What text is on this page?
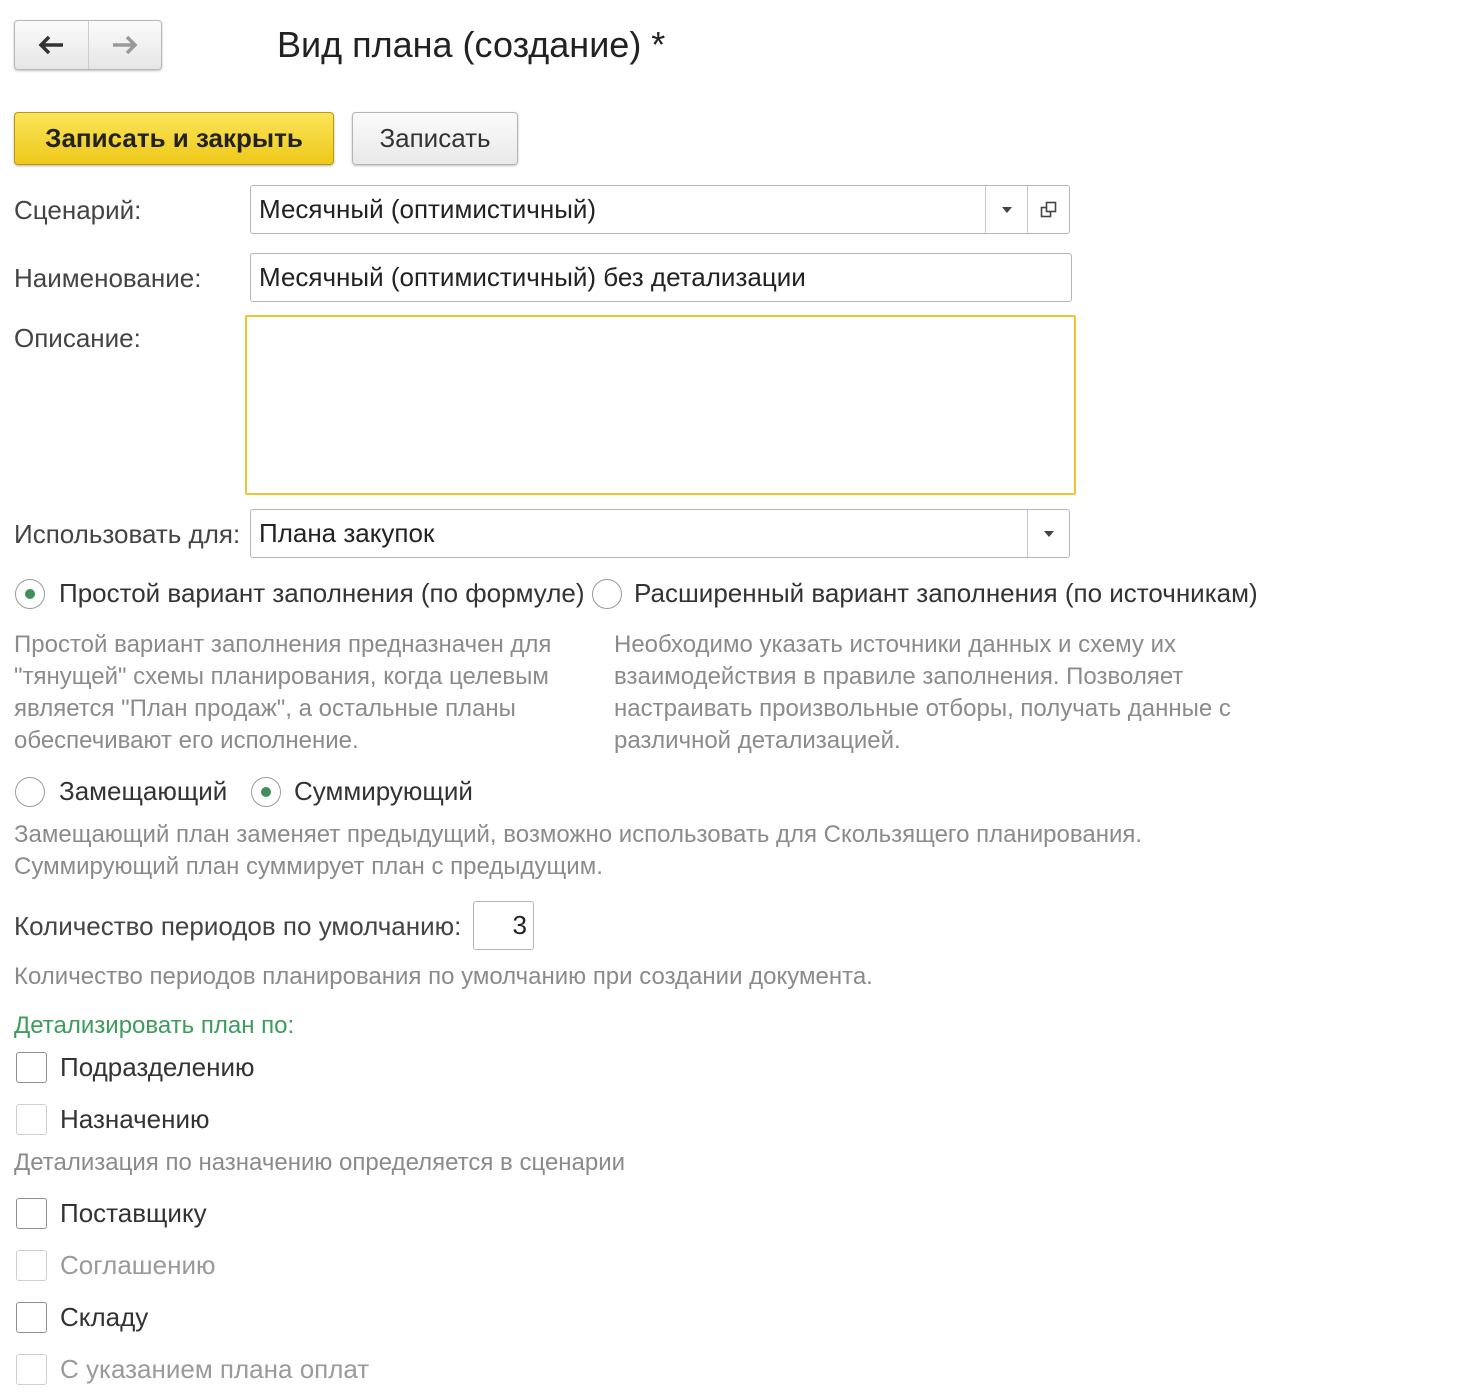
Вид плана (создание) *
Записать и закрыть	Записать
Сценарий:	Месячный (оптимистичный)
Наименование:	Месячный (оптимистичный) без детализации
Описание:
Использовать для: Плана закупок
Простой вариант заполнения (по формуле) Расширенный вариант заполнения (по источникам)
Простой вариант заполнения предназначен для
"тянущей" схемы планирования, когда целевым
является "План продаж", а остальные планы
обеспечивают его исполнение.
Необходимо указать источники данных и схему их
взаимодействия в правиле заполнения. Позволяет
настраивать произвольные отборы, получать данные с
различной детализацией.
Замещающий	Суммирующий
Замещающий план заменяет предыдущий, возможно использовать для Скользящего планирования.
Суммирующий план суммирует план с предыдущим.
Количество периодов по умолчанию:	3
Количество периодов планирования по умолчанию при создании документа.
Детализировать план по:
Подразделению
Назначению
Детализация по назначению определяется в сценарии
Поставщику
Соглашению
Складу
С указанием плана оплат
